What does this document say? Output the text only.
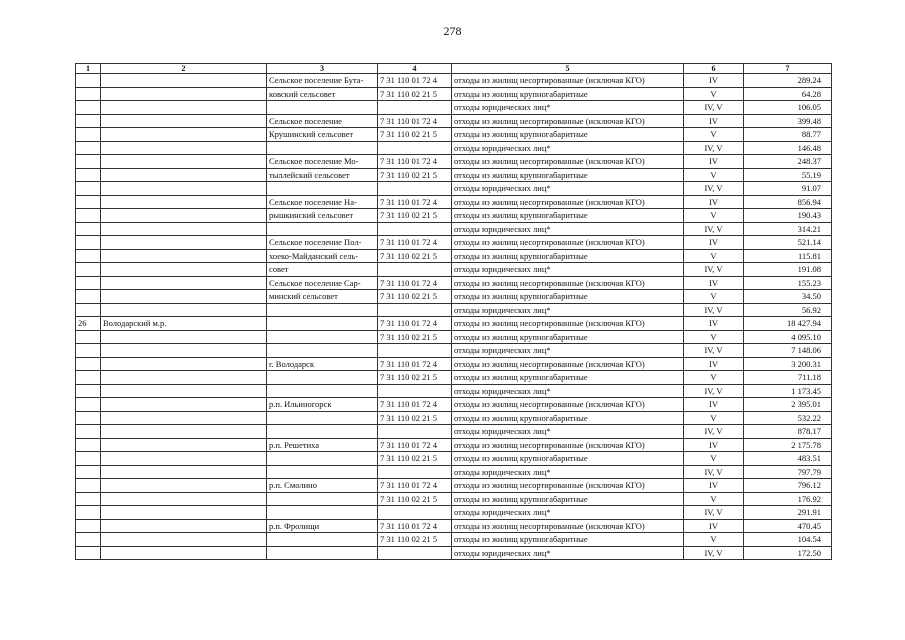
278
1	2	3	4	5	6	7
		Сельское поселение Бута-	7 31 110 01 72 4	отходы из жилищ несортированные (исключая КГО)	IV	289.24
		ковский сельсовет	7 31 110 02 21 5	отходы из жилищ крупногабаритные	V	64.28
				отходы юридических лиц*	IV, V	106.05
		Сельское поселение	7 31 110 01 72 4	отходы из жилищ несортированные (исключая КГО)	IV	399.48
		Крушинский сельсовет	7 31 110 02 21 5	отходы из жилищ крупногабаритные	V	88.77
				отходы юридических лиц*	IV, V	146.48
		Сельское поселение Мо-	7 31 110 01 72 4	отходы из жилищ несортированные (исключая КГО)	IV	248.37
		тыллейский сельсовет	7 31 110 02 21 5	отходы из жилищ крупногабаритные	V	55.19
				отходы юридических лиц*	IV, V	91.07
		Сельское поселение На-	7 31 110 01 72 4	отходы из жилищ несортированные (исключая КГО)	IV	856.94
		рышкинский сельсовет	7 31 110 02 21 5	отходы из жилищ крупногабаритные	V	190.43
				отходы юридических лиц*	IV, V	314.21
		Сельское поселение Пол-	7 31 110 01 72 4	отходы из жилищ несортированные (исключая КГО)	IV	521.14
		хоеко-Майданский сель-	7 31 110 02 21 5	отходы из жилищ крупногабаритные	V	115.81
		совет		отходы юридических лиц*	IV, V	191.08
		Сельское поселение Сар-	7 31 110 01 72 4	отходы из жилищ несортированные (исключая КГО)	IV	155.23
		минский сельсовет	7 31 110 02 21 5	отходы из жилищ крупногабаритные	V	34.50
				отходы юридических лиц*	IV, V	56.92
26	Володарский м.р.		7 31 110 01 72 4	отходы из жилищ несортированные (исключая КГО)	IV	18 427.94
			7 31 110 02 21 5	отходы из жилищ крупногабаритные	V	4 095.10
				отходы юридических лиц*	IV, V	7 148.06
		г. Володарск	7 31 110 01 72 4	отходы из жилищ несортированные (исключая КГО)	IV	3 200.31
			7 31 110 02 21 5	отходы из жилищ крупногабаритные	V	711.18
				отходы юридических лиц*	IV, V	1 173.45
		р.п. Ильиногорск	7 31 110 01 72 4	отходы из жилищ несортированные (исключая КГО)	IV	2 395.01
			7 31 110 02 21 5	отходы из жилищ крупногабаритные	V	532.22
				отходы юридических лиц*	IV, V	878.17
		р.п. Решетиха	7 31 110 01 72 4	отходы из жилищ несортированные (исключая КГО)	IV	2 175.78
			7 31 110 02 21 5	отходы из жилищ крупногабаритные	V	483.51
				отходы юридических лиц*	IV, V	797.79
		р.п. Смолино	7 31 110 01 72 4	отходы из жилищ несортированные (исключая КГО)	IV	796.12
			7 31 110 02 21 5	отходы из жилищ крупногабаритные	V	176.92
				отходы юридических лиц*	IV, V	291.91
		р.п. Фролищи	7 31 110 01 72 4	отходы из жилищ несортированные (исключая КГО)	IV	470.45
			7 31 110 02 21 5	отходы из жилищ крупногабаритные	V	104.54
				отходы юридических лиц*	IV, V	172.50
